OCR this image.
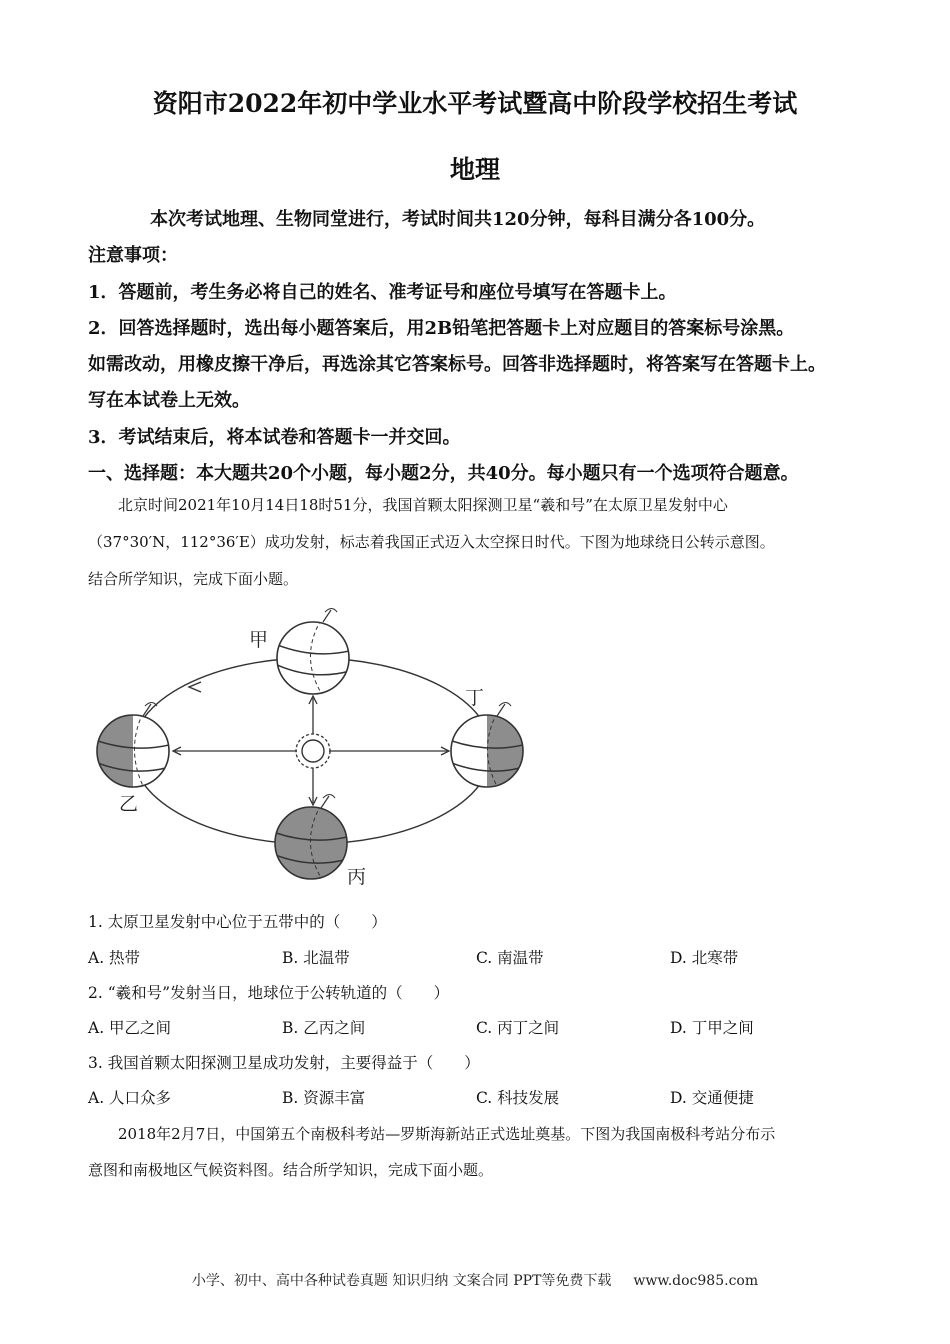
资阳市2022年初中学业水平考试暨高中阶段学校招生考试
地理
本次考试地理、生物同堂进行，考试时间共120分钟，每科目满分各100分。
注意事项：
1．答题前，考生务必将自己的姓名、准考证号和座位号填写在答题卡上。
2．回答选择题时，选出每小题答案后，用2B铅笔把答题卡上对应题目的答案标号涂黑。
如需改动，用橡皮擦干净后，再选涂其它答案标号。回答非选择题时，将答案写在答题卡上。
写在本试卷上无效。
3．考试结束后，将本试卷和答题卡一并交回。
一、选择题：本大题共20个小题，每小题2分，共40分。每小题只有一个选项符合题意。
北京时间2021年10月14日18时51分，我国首颗太阳探测卫星“羲和号”在太原卫星发射中心
（37°30′N，112°36′E）成功发射，标志着我国正式迈入太空探日时代。下图为地球绕日公转示意图。
结合所学知识，完成下面小题。
甲
乙
丙
丁
1. 太原卫星发射中心位于五带中的（　　）
A. 热带	B. 北温带	C. 南温带	D. 北寒带
2. “羲和号”发射当日，地球位于公转轨道的（　　）
A. 甲乙之间	B. 乙丙之间	C. 丙丁之间	D. 丁甲之间
3. 我国首颗太阳探测卫星成功发射，主要得益于（　　）
A. 人口众多	B. 资源丰富	C. 科技发展	D. 交通便捷
2018年2月7日，中国第五个南极科考站—罗斯海新站正式选址奠基。下图为我国南极科考站分布示
意图和南极地区气候资料图。结合所学知识，完成下面小题。
小学、初中、高中各种试卷真题 知识归纳 文案合同 PPT等免费下载 www.doc985.com
